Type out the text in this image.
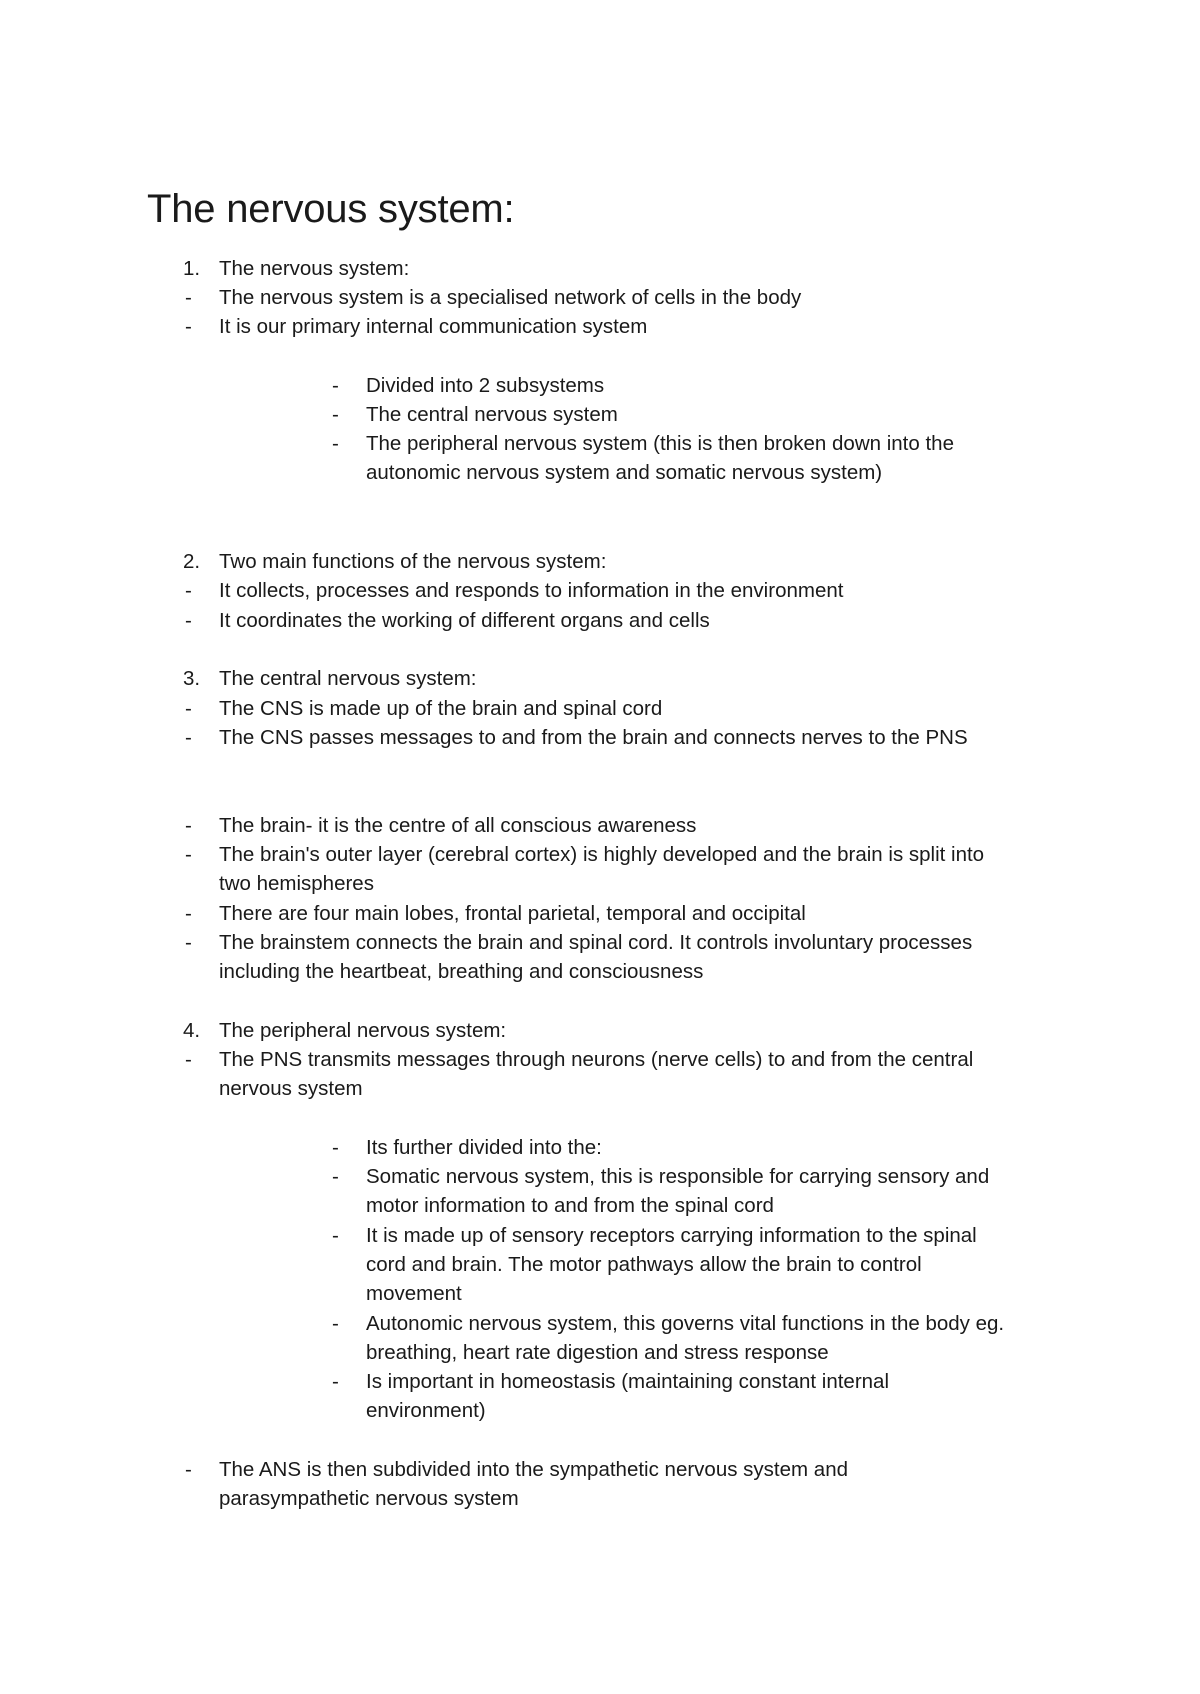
The nervous system:
1. The nervous system:
- The nervous system is a specialised network of cells in the body
- It is our primary internal communication system
- Divided into 2 subsystems
- The central nervous system
- The peripheral nervous system (this is then broken down into the
autonomic nervous system and somatic nervous system)
2. Two main functions of the nervous system:
- It collects, processes and responds to information in the environment
- It coordinates the working of different organs and cells
3. The central nervous system:
- The CNS is made up of the brain and spinal cord
- The CNS passes messages to and from the brain and connects nerves to the PNS
- The brain- it is the centre of all conscious awareness
- The brain's outer layer (cerebral cortex) is highly developed and the brain is split into
two hemispheres
- There are four main lobes, frontal parietal, temporal and occipital
- The brainstem connects the brain and spinal cord. It controls involuntary processes
including the heartbeat, breathing and consciousness
4. The peripheral nervous system:
- The PNS transmits messages through neurons (nerve cells) to and from the central
nervous system
- Its further divided into the:
- Somatic nervous system, this is responsible for carrying sensory and
motor information to and from the spinal cord
- It is made up of sensory receptors carrying information to the spinal
cord and brain. The motor pathways allow the brain to control
movement
- Autonomic nervous system, this governs vital functions in the body eg.
breathing, heart rate digestion and stress response
- Is important in homeostasis (maintaining constant internal
environment)
- The ANS is then subdivided into the sympathetic nervous system and
parasympathetic nervous system
